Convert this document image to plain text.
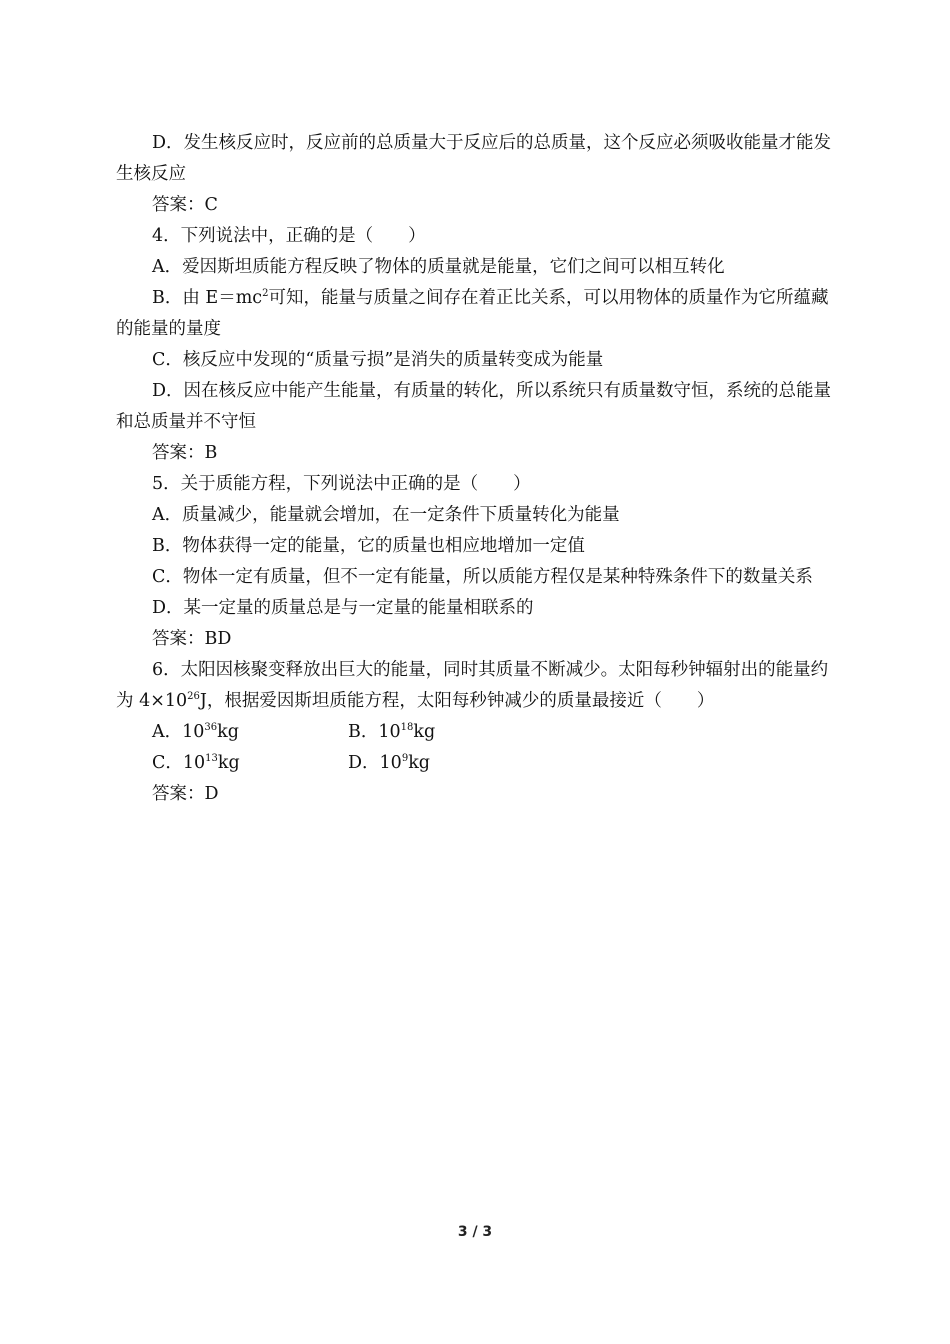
D．发生核反应时，反应前的总质量大于反应后的总质量，这个反应必须吸收能量才能发生核反应

答案：C

4．下列说法中，正确的是（　　）

A．爱因斯坦质能方程反映了物体的质量就是能量，它们之间可以相互转化

B．由 $E=mc^2$可知，能量与质量之间存在着正比关系，可以用物体的质量作为它所蕴藏的能量的量度

C．核反应中发现的“质量亏损”是消失的质量转变成为能量

D．因在核反应中能产生能量，有质量的转化，所以系统只有质量数守恒，系统的总能量和总质量并不守恒

答案：B

5．关于质能方程，下列说法中正确的是（　　）

A．质量减少，能量就会增加，在一定条件下质量转化为能量

B．物体获得一定的能量，它的质量也相应地增加一定值

C．物体一定有质量，但不一定有能量，所以质能方程仅是某种特殊条件下的数量关系

D．某一定量的质量总是与一定量的能量相联系的

答案：BD

6．太阳因核聚变释放出巨大的能量，同时其质量不断减少。太阳每秒钟辐射出的能量约为 $4\times 10^{26}J$，根据爱因斯坦质能方程，太阳每秒钟减少的质量最接近（　　）

A．$10^{36}kg$	B．$10^{18}kg$
C．$10^{13}kg$	D．$10^9kg$

答案：D

3 / 3
